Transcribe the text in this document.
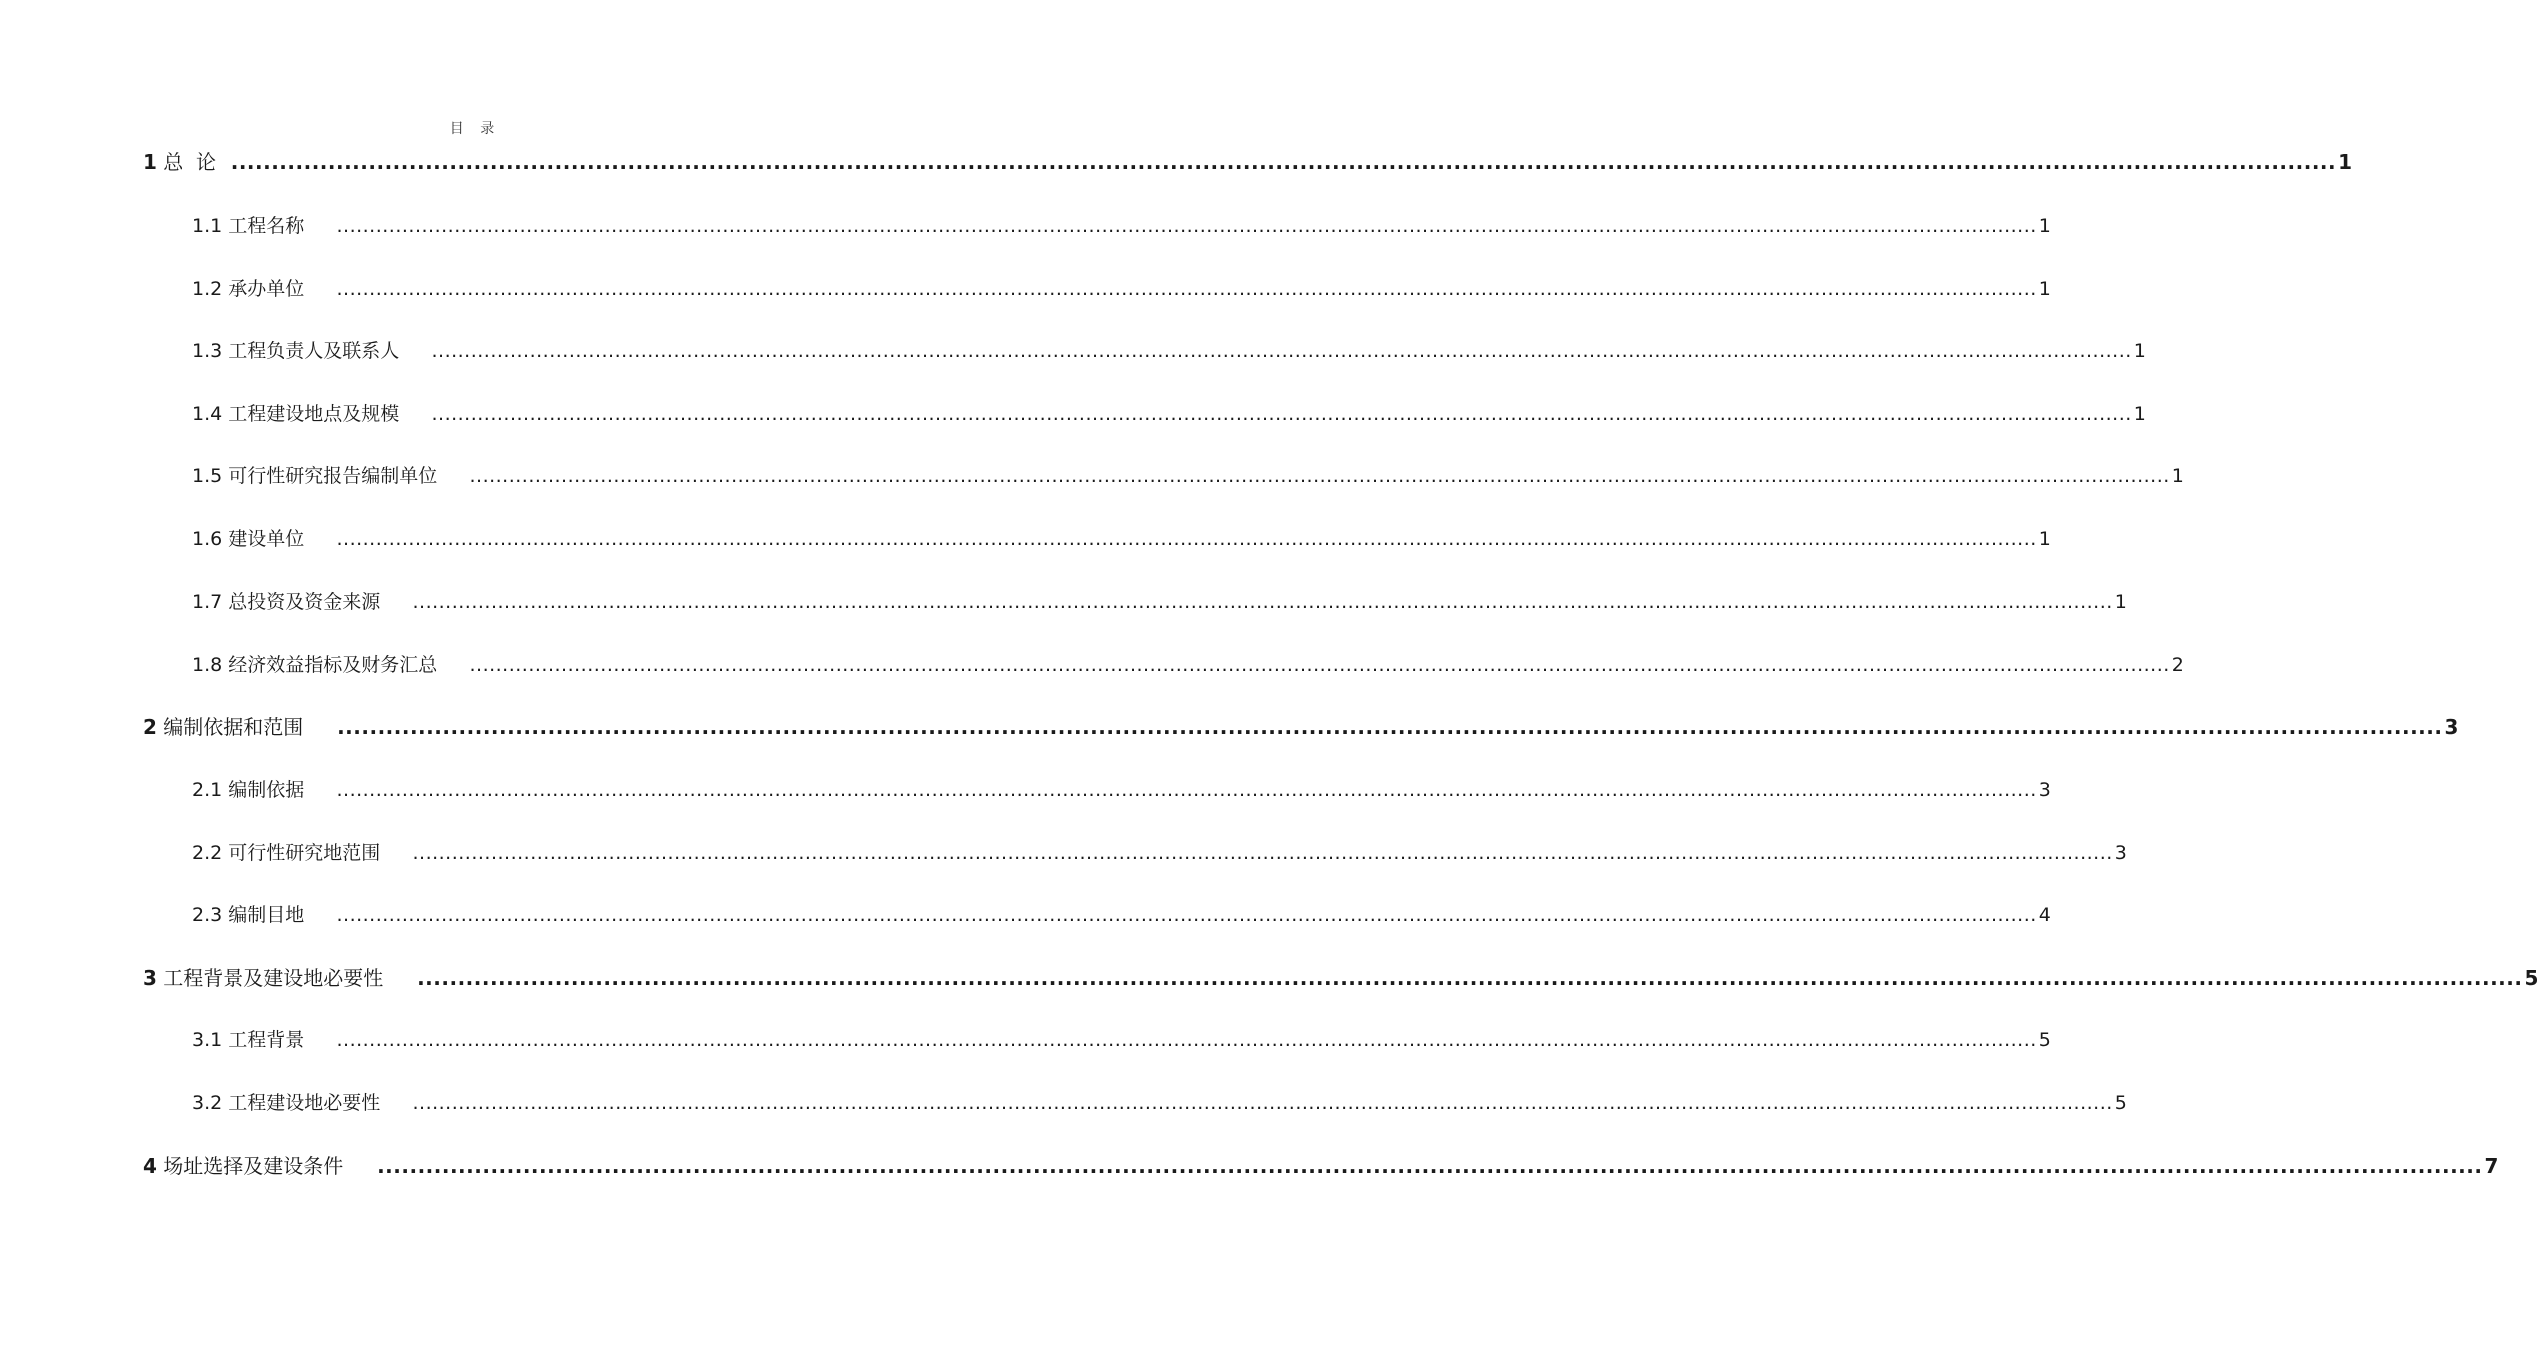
目 录
1
总  论
.................................................................................................................................................................................................................................................................... 1
1.1
工程名称
.................................................................................................................................................................................................................................................................... 1
1.2
承办单位
.................................................................................................................................................................................................................................................................... 1
1.3
工程负责人及联系人
.................................................................................................................................................................................................................................................................... 1
1.4
工程建设地点及规模
.................................................................................................................................................................................................................................................................... 1
1.5
可行性研究报告编制单位
.................................................................................................................................................................................................................................................................... 1
1.6
建设单位
.................................................................................................................................................................................................................................................................... 1
1.7
总投资及资金来源
.................................................................................................................................................................................................................................................................... 1
1.8
经济效益指标及财务汇总
.................................................................................................................................................................................................................................................................... 2
2
编制依据和范围
.................................................................................................................................................................................................................................................................... 3
2.1
编制依据
.................................................................................................................................................................................................................................................................... 3
2.2
可行性研究地范围
.................................................................................................................................................................................................................................................................... 3
2.3
编制目地
.................................................................................................................................................................................................................................................................... 4
3
工程背景及建设地必要性
.................................................................................................................................................................................................................................................................... 5
3.1
工程背景
.................................................................................................................................................................................................................................................................... 5
3.2
工程建设地必要性
.................................................................................................................................................................................................................................................................... 5
4
场址选择及建设条件
.................................................................................................................................................................................................................................................................... 7
